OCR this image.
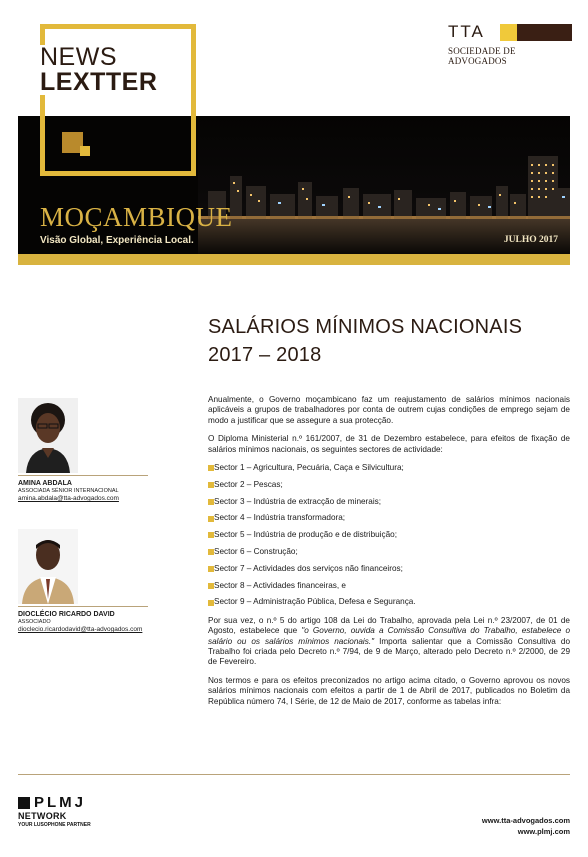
TTA
SOCIEDADE DE ADVOGADOS
NEWS
LEXTTER
MOÇAMBIQUE
Visão Global, Experiência Local.	JULHO 2017
SALÁRIOS MÍNIMOS NACIONAIS
2017 – 2018
AMINA ABDALA
ASSOCIADA SÉNIOR INTERNACIONAL
amina.abdala@tta-advogados.com
DIOCLÉCIO RICARDO DAVID
ASSOCIADO
dioclecio.ricardodavid@tta-advogados.com

Anualmente, o Governo moçambicano faz um reajustamento de salários mínimos nacionais aplicáveis a grupos de trabalhadores por conta de outrem cujas condições de emprego sejam de modo a justificar que se assegure a sua protecção.

O Diploma Ministerial n.º 161/2007, de 31 de Dezembro estabelece, para efeitos de fixação de salários mínimos nacionais, os seguintes sectores de actividade:

Sector 1 – Agricultura, Pecuária, Caça e Silvicultura;
Sector 2 – Pescas;
Sector 3 – Indústria de extracção de minerais;
Sector 4 – Indústria transformadora;
Sector 5 – Indústria de produção e de distribuição;
Sector 6 – Construção;
Sector 7 – Actividades dos serviços não financeiros;
Sector 8 – Actividades financeiras, e
Sector 9 – Administração Pública, Defesa e Segurança.

Por sua vez, o n.º 5 do artigo 108 da Lei do Trabalho, aprovada pela Lei n.º 23/2007, de 01 de Agosto, estabelece que "o Governo, ouvida a Comissão Consultiva do Trabalho, estabelece o salário ou os salários mínimos nacionais." Importa salientar que a Comissão Consultiva do Trabalho foi criada pelo Decreto n.º 7/94, de 9 de Março, alterado pelo Decreto n.º 2/2000, de 29 de Fevereiro.

Nos termos e para os efeitos preconizados no artigo acima citado, o Governo aprovou os novos salários mínimos nacionais com efeitos a partir de 1 de Abril de 2017, publicados no Boletim da República número 74, I Série, de 12 de Maio de 2017, conforme as tabelas infra:

PLMJ
NETWORK
YOUR LUSOPHONE PARTNER	www.tta-advogados.com
www.plmj.com
